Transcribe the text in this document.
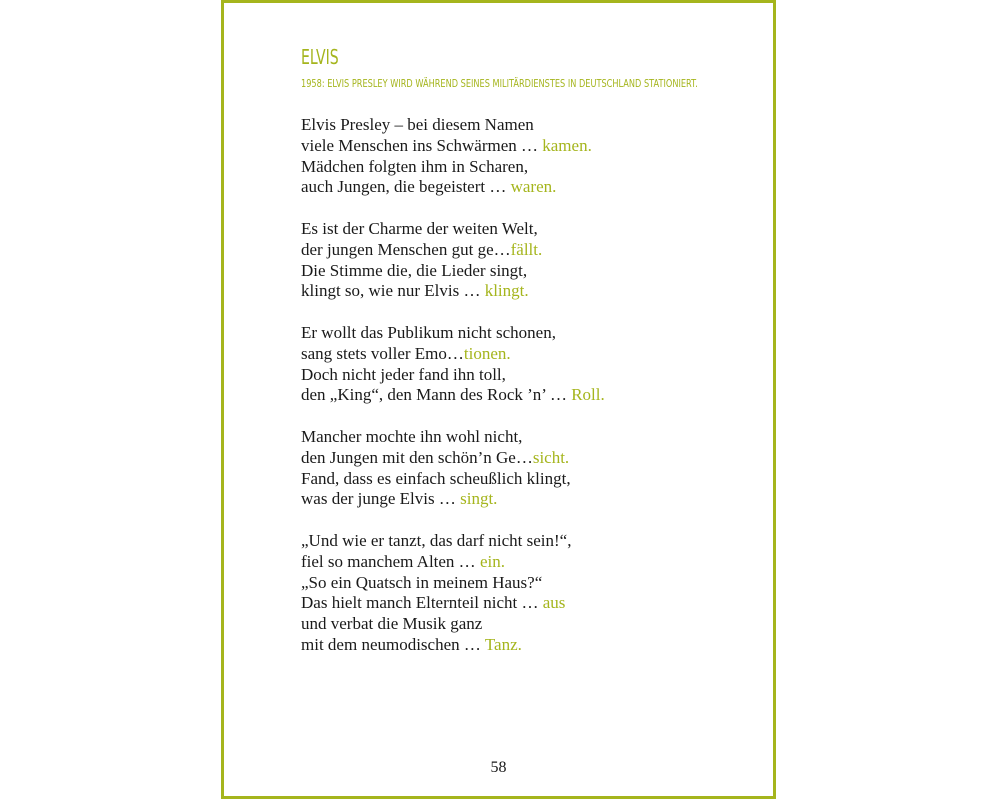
ELVIS

1958: ELVIS PRESLEY WIRD WÄHREND SEINES MILITÄRDIENSTES IN DEUTSCHLAND STATIONIERT.

Elvis Presley – bei diesem Namen
viele Menschen ins Schwärmen … kamen.
Mädchen folgten ihm in Scharen,
auch Jungen, die begeistert … waren.
Es ist der Charme der weiten Welt,
der jungen Menschen gut ge…fällt.
Die Stimme die, die Lieder singt,
klingt so, wie nur Elvis … klingt.
Er wollt das Publikum nicht schonen,
sang stets voller Emo…tionen.
Doch nicht jeder fand ihn toll,
den „King“, den Mann des Rock ’n’ … Roll.
Mancher mochte ihn wohl nicht,
den Jungen mit den schön’n Ge…sicht.
Fand, dass es einfach scheußlich klingt,
was der junge Elvis … singt.
„Und wie er tanzt, das darf nicht sein!“,
fiel so manchem Alten … ein.
„So ein Quatsch in meinem Haus?“
Das hielt manch Elternteil nicht … aus
und verbat die Musik ganz
mit dem neumodischen … Tanz.
58
